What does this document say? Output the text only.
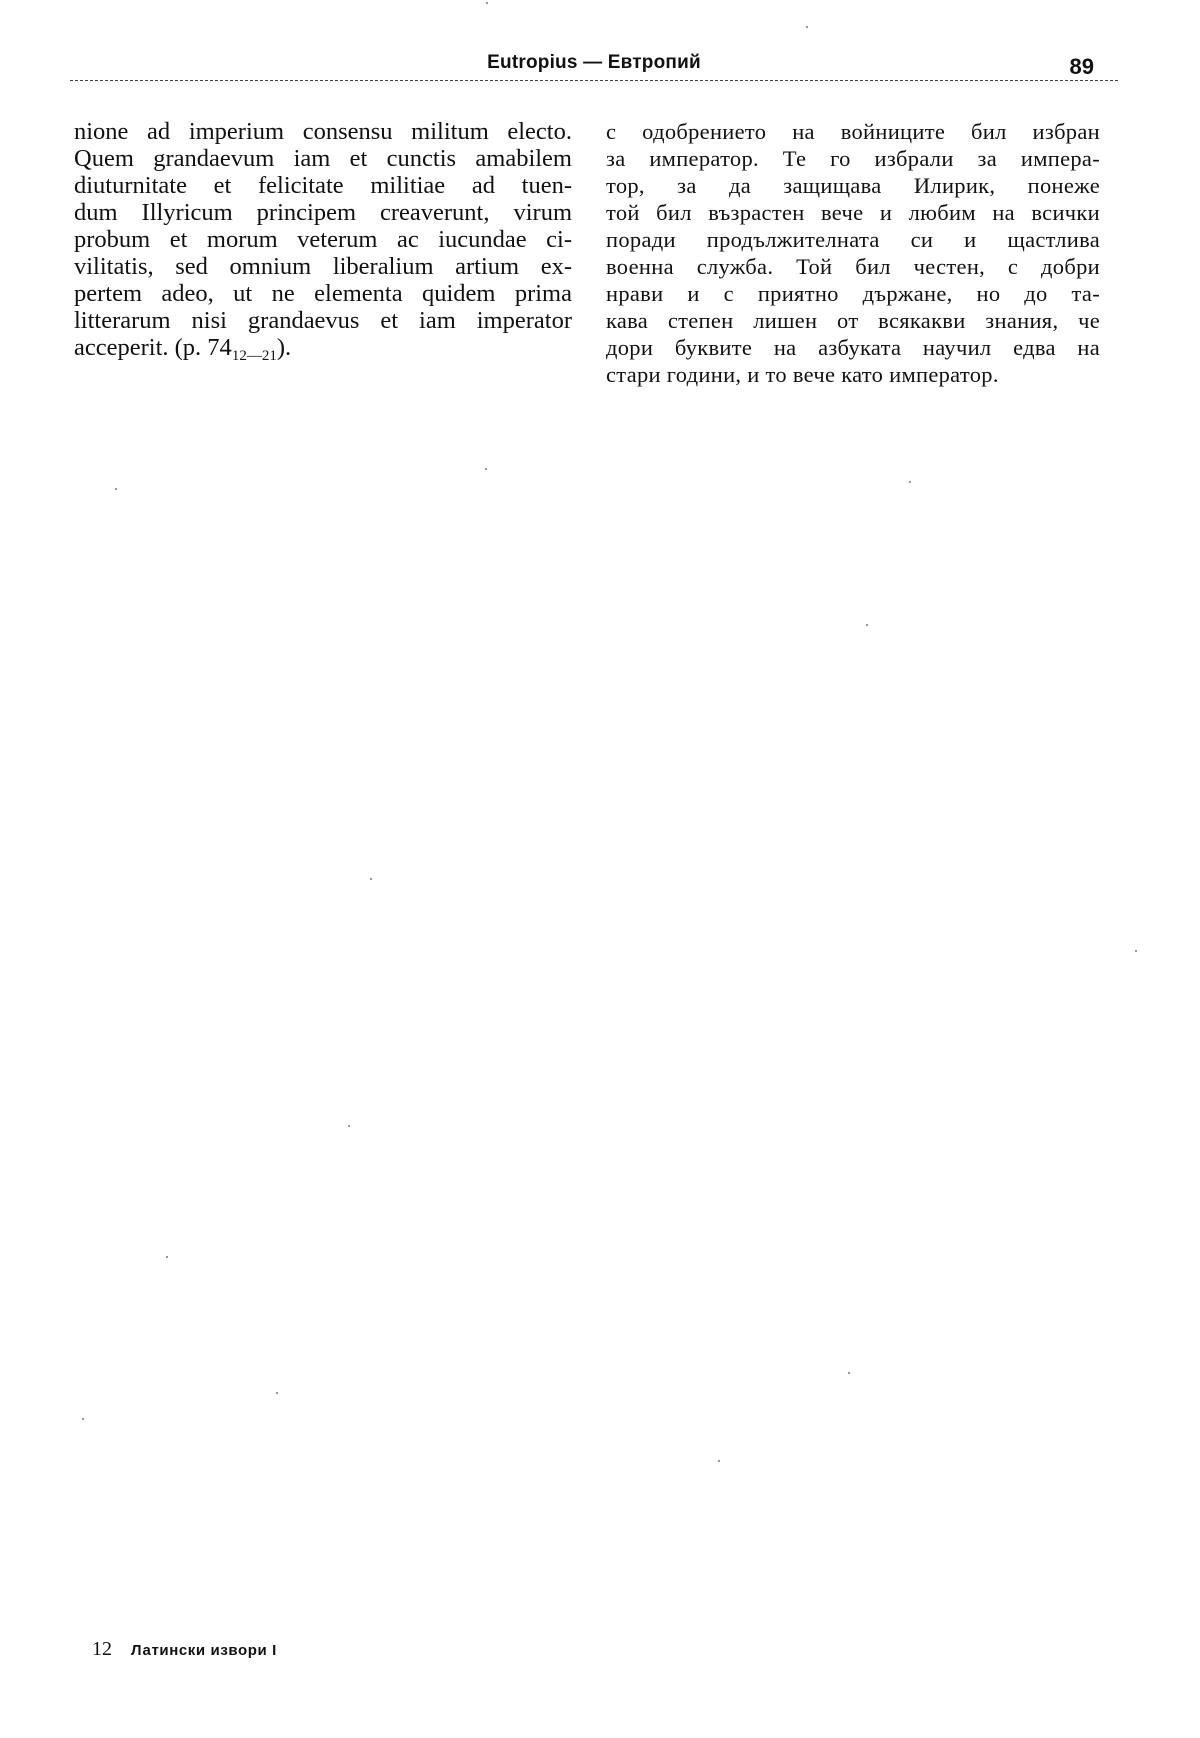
Eutropius — Евтропий	89
nione ad imperium consensu militum electo.
Quem grandaevum iam et cunctis amabilem
diuturnitate et felicitate militiae ad tuen-
dum Illyricum principem creaverunt, virum
probum et morum veterum ac iucundae ci-
vilitatis, sed omnium liberalium artium ex-
pertem adeo, ut ne elementa quidem prima
litterarum nisi grandaevus et iam imperator
acceperit. (p. $74_{12—21}$).
с одобрението на войниците бил избран
за император. Те го избрали за импера-
тор, за да защищава Илирик, понеже
той бил възрастен вече и любим на всички
поради продължителната си и щастлива
военна служба. Той бил честен, с добри
нрави и с приятно държане, но до та-
кава степен лишен от всякакви знания, че
дори буквите на азбуката научил едва на
стари години, и то вече като император.
12 Латински извори I
